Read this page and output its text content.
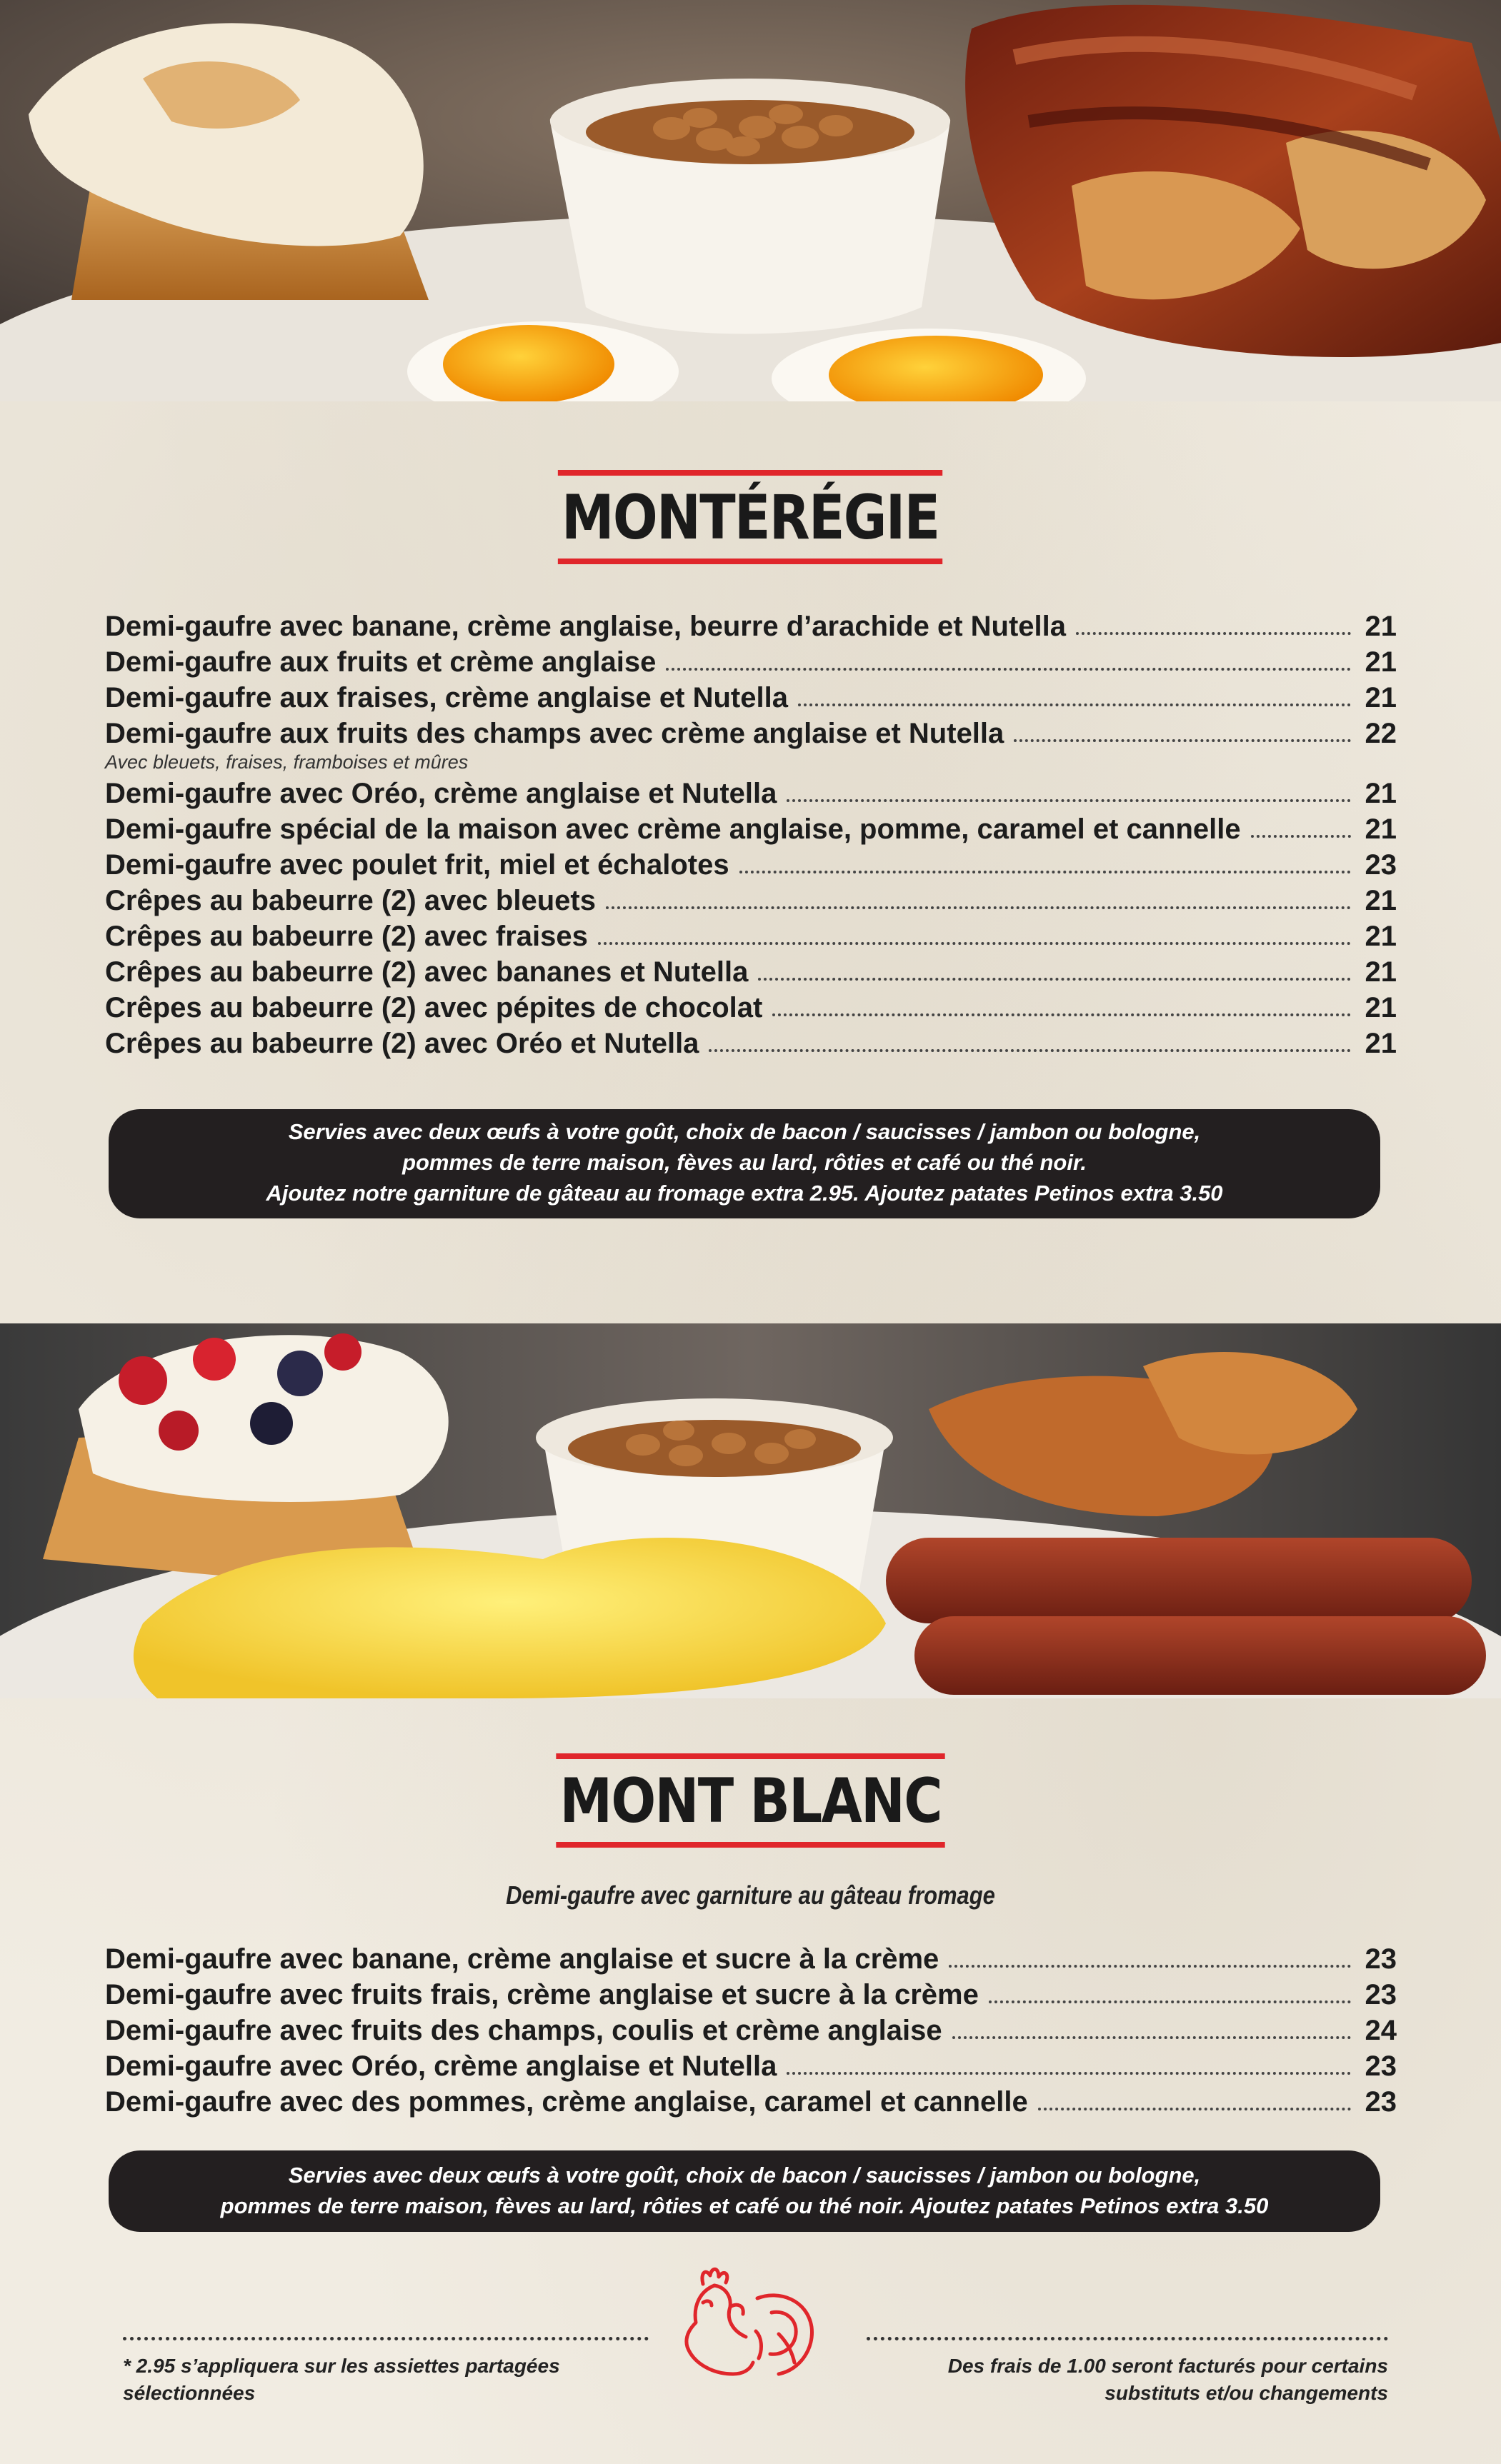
MONTÉRÉGIE
Demi-gaufre avec banane, crème anglaise, beurre d’arachide et Nutella	21
Demi-gaufre aux fruits et crème anglaise	21
Demi-gaufre aux fraises, crème anglaise et Nutella	21
Demi-gaufre aux fruits des champs avec crème anglaise et Nutella	22
Avec bleuets, fraises, framboises et mûres
Demi-gaufre avec Oréo, crème anglaise et Nutella	21
Demi-gaufre spécial de la maison avec crème anglaise, pomme, caramel et cannelle	21
Demi-gaufre avec poulet frit, miel et échalotes	23
Crêpes au babeurre (2) avec bleuets	21
Crêpes au babeurre (2) avec fraises	21
Crêpes au babeurre (2) avec bananes et Nutella	21
Crêpes au babeurre (2) avec pépites de chocolat	21
Crêpes au babeurre (2) avec Oréo et Nutella	21
Servies avec deux œufs à votre goût, choix de bacon / saucisses / jambon ou bologne,
pommes de terre maison, fèves au lard, rôties et café ou thé noir.
Ajoutez notre garniture de gâteau au fromage extra 2.95. Ajoutez patates Petinos extra 3.50
MONT BLANC
Demi-gaufre avec garniture au gâteau fromage
Demi-gaufre avec banane, crème anglaise et sucre à la crème	23
Demi-gaufre avec fruits frais, crème anglaise et sucre à la crème	23
Demi-gaufre avec fruits des champs, coulis et crème anglaise	24
Demi-gaufre avec Oréo, crème anglaise et Nutella	23
Demi-gaufre avec des pommes, crème anglaise, caramel et cannelle	23
Servies avec deux œufs à votre goût, choix de bacon / saucisses / jambon ou bologne,
pommes de terre maison, fèves au lard, rôties et café ou thé noir. Ajoutez patates Petinos extra 3.50
* 2.95 s’appliquera sur les assiettes partagées
sélectionnées
Des frais de 1.00 seront facturés pour certains
substituts et/ou changements
